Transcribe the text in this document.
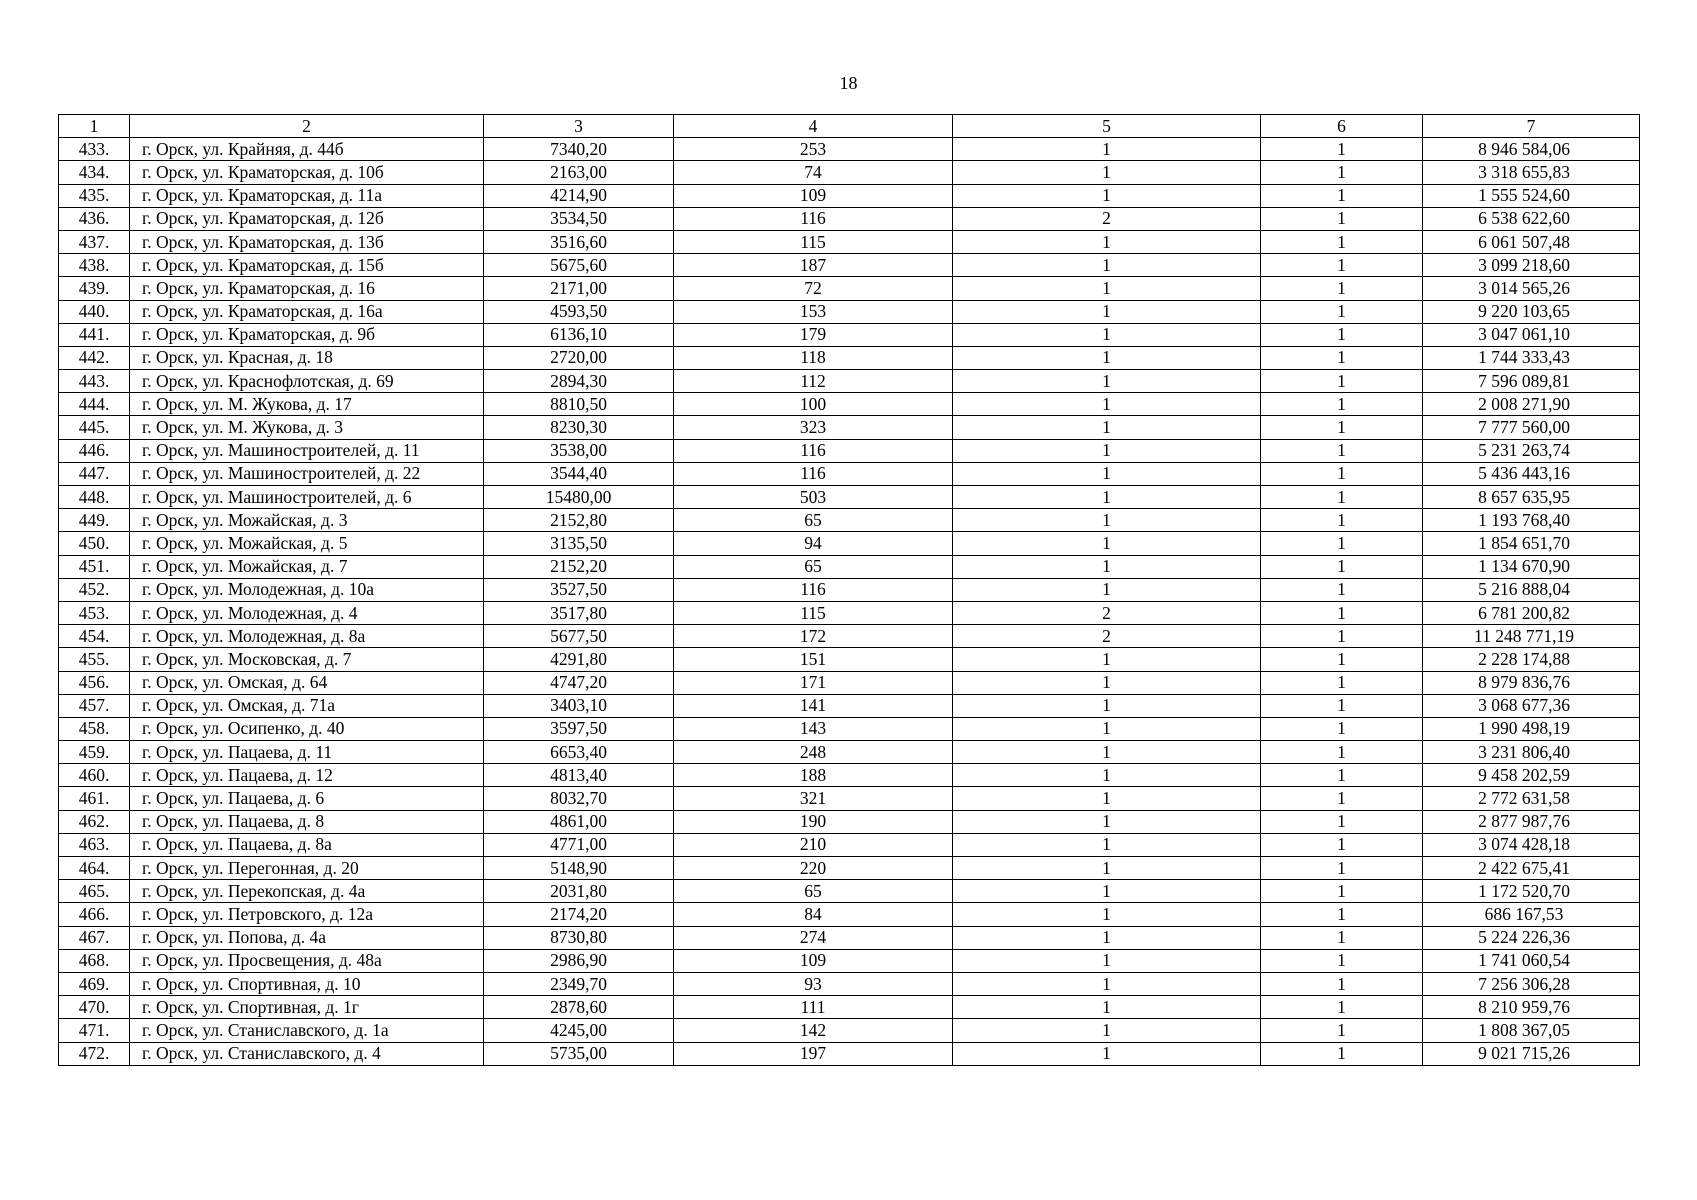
18
1	2	3	4	5	6	7
433.	г. Орск, ул. Крайняя, д. 44б	7340,20	253	1	1	8 946 584,06
434.	г. Орск, ул. Краматорская, д. 10б	2163,00	74	1	1	3 318 655,83
435.	г. Орск, ул. Краматорская, д. 11а	4214,90	109	1	1	1 555 524,60
436.	г. Орск, ул. Краматорская, д. 12б	3534,50	116	2	1	6 538 622,60
437.	г. Орск, ул. Краматорская, д. 13б	3516,60	115	1	1	6 061 507,48
438.	г. Орск, ул. Краматорская, д. 15б	5675,60	187	1	1	3 099 218,60
439.	г. Орск, ул. Краматорская, д. 16	2171,00	72	1	1	3 014 565,26
440.	г. Орск, ул. Краматорская, д. 16а	4593,50	153	1	1	9 220 103,65
441.	г. Орск, ул. Краматорская, д. 9б	6136,10	179	1	1	3 047 061,10
442.	г. Орск, ул. Красная, д. 18	2720,00	118	1	1	1 744 333,43
443.	г. Орск, ул. Краснофлотская, д. 69	2894,30	112	1	1	7 596 089,81
444.	г. Орск, ул. М. Жукова, д. 17	8810,50	100	1	1	2 008 271,90
445.	г. Орск, ул. М. Жукова, д. 3	8230,30	323	1	1	7 777 560,00
446.	г. Орск, ул. Машиностроителей, д. 11	3538,00	116	1	1	5 231 263,74
447.	г. Орск, ул. Машиностроителей, д. 22	3544,40	116	1	1	5 436 443,16
448.	г. Орск, ул. Машиностроителей, д. 6	15480,00	503	1	1	8 657 635,95
449.	г. Орск, ул. Можайская, д. 3	2152,80	65	1	1	1 193 768,40
450.	г. Орск, ул. Можайская, д. 5	3135,50	94	1	1	1 854 651,70
451.	г. Орск, ул. Можайская, д. 7	2152,20	65	1	1	1 134 670,90
452.	г. Орск, ул. Молодежная, д. 10а	3527,50	116	1	1	5 216 888,04
453.	г. Орск, ул. Молодежная, д. 4	3517,80	115	2	1	6 781 200,82
454.	г. Орск, ул. Молодежная, д. 8а	5677,50	172	2	1	11 248 771,19
455.	г. Орск, ул. Московская, д. 7	4291,80	151	1	1	2 228 174,88
456.	г. Орск, ул. Омская, д. 64	4747,20	171	1	1	8 979 836,76
457.	г. Орск, ул. Омская, д. 71а	3403,10	141	1	1	3 068 677,36
458.	г. Орск, ул. Осипенко, д. 40	3597,50	143	1	1	1 990 498,19
459.	г. Орск, ул. Пацаева, д. 11	6653,40	248	1	1	3 231 806,40
460.	г. Орск, ул. Пацаева, д. 12	4813,40	188	1	1	9 458 202,59
461.	г. Орск, ул. Пацаева, д. 6	8032,70	321	1	1	2 772 631,58
462.	г. Орск, ул. Пацаева, д. 8	4861,00	190	1	1	2 877 987,76
463.	г. Орск, ул. Пацаева, д. 8а	4771,00	210	1	1	3 074 428,18
464.	г. Орск, ул. Перегонная, д. 20	5148,90	220	1	1	2 422 675,41
465.	г. Орск, ул. Перекопская, д. 4а	2031,80	65	1	1	1 172 520,70
466.	г. Орск, ул. Петровского, д. 12а	2174,20	84	1	1	686 167,53
467.	г. Орск, ул. Попова, д. 4а	8730,80	274	1	1	5 224 226,36
468.	г. Орск, ул. Просвещения, д. 48а	2986,90	109	1	1	1 741 060,54
469.	г. Орск, ул. Спортивная, д. 10	2349,70	93	1	1	7 256 306,28
470.	г. Орск, ул. Спортивная, д. 1г	2878,60	111	1	1	8 210 959,76
471.	г. Орск, ул. Станиславского, д. 1а	4245,00	142	1	1	1 808 367,05
472.	г. Орск, ул. Станиславского, д. 4	5735,00	197	1	1	9 021 715,26
